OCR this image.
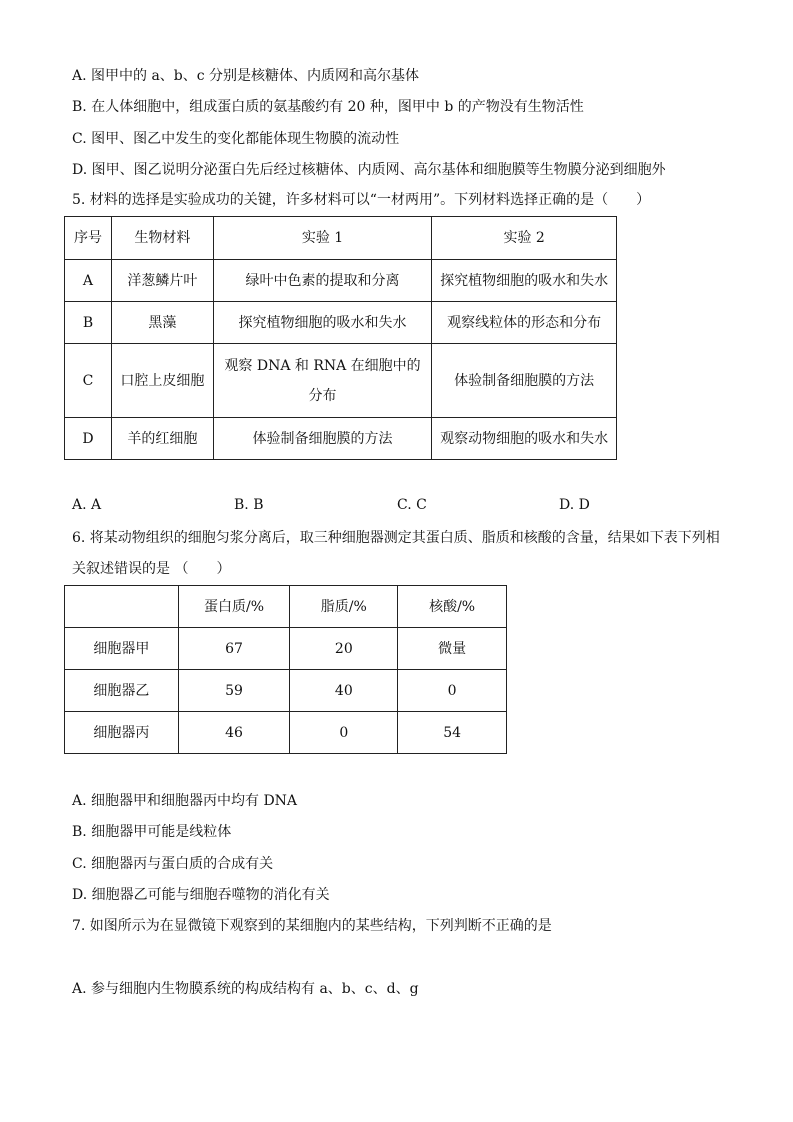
A. 图甲中的 a、b、c 分别是核糖体、内质网和高尔基体
B. 在人体细胞中，组成蛋白质的氨基酸约有 20 种，图甲中 b 的产物没有生物活性
C. 图甲、图乙中发生的变化都能体现生物膜的流动性
D. 图甲、图乙说明分泌蛋白先后经过核糖体、内质网、高尔基体和细胞膜等生物膜分泌到细胞外
5. 材料的选择是实验成功的关键，许多材料可以“一材两用”。下列材料选择正确的是（　　）
序号	生物材料	实验 1	实验 2
A	洋葱鳞片叶	绿叶中色素的提取和分离	探究植物细胞的吸水和失水
B	黑藻	探究植物细胞的吸水和失水	观察线粒体的形态和分布
C	口腔上皮细胞	观察 DNA 和 RNA 在细胞中的分布	体验制备细胞膜的方法
D	羊的红细胞	体验制备细胞膜的方法	观察动物细胞的吸水和失水
A. A	B. B	C. C	D. D
6. 将某动物组织的细胞匀浆分离后，取三种细胞器测定其蛋白质、脂质和核酸的含量，结果如下表下列相
关叙述错误的是 （　　）
	蛋白质/%	脂质/%	核酸/%
细胞器甲	67	20	微量
细胞器乙	59	40	0
细胞器丙	46	0	54
A. 细胞器甲和细胞器丙中均有 DNA
B. 细胞器甲可能是线粒体
C. 细胞器丙与蛋白质的合成有关
D. 细胞器乙可能与细胞吞噬物的消化有关
7. 如图所示为在显微镜下观察到的某细胞内的某些结构，下列判断不正确的是
A. 参与细胞内生物膜系统的构成结构有 a、b、c、d、g
